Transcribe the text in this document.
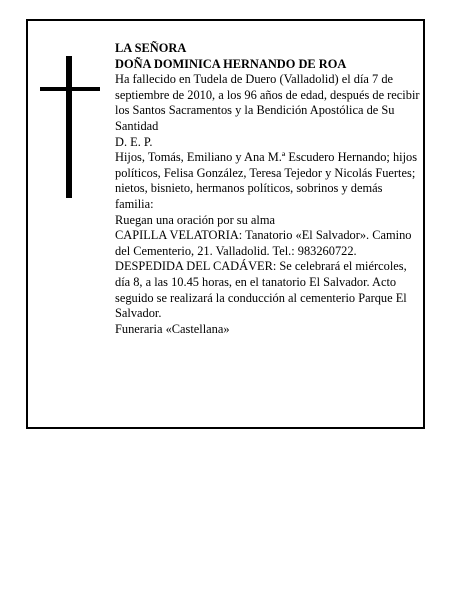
LA SEÑORA
DOÑA DOMINICA HERNANDO DE ROA
Ha fallecido en Tudela de Duero (Valladolid) el día 7 de septiembre de 2010, a los 96 años de edad, después de recibir los Santos Sacramentos y la Bendición Apostólica de Su Santidad
D. E. P.
Hijos, Tomás, Emiliano y Ana M.ª Escudero Hernando; hijos políticos, Felisa González, Teresa Tejedor y Nicolás Fuertes; nietos, bisnieto, hermanos políticos, sobrinos y demás familia:
Ruegan una oración por su alma
CAPILLA VELATORIA: Tanatorio «El Salvador». Camino del Cementerio, 21. Valladolid. Tel.: 983260722.
DESPEDIDA DEL CADÁVER: Se celebrará el miércoles, día 8, a las 10.45 horas, en el tanatorio El Salvador. Acto seguido se realizará la conducción al cementerio Parque El Salvador.
Funeraria «Castellana»
